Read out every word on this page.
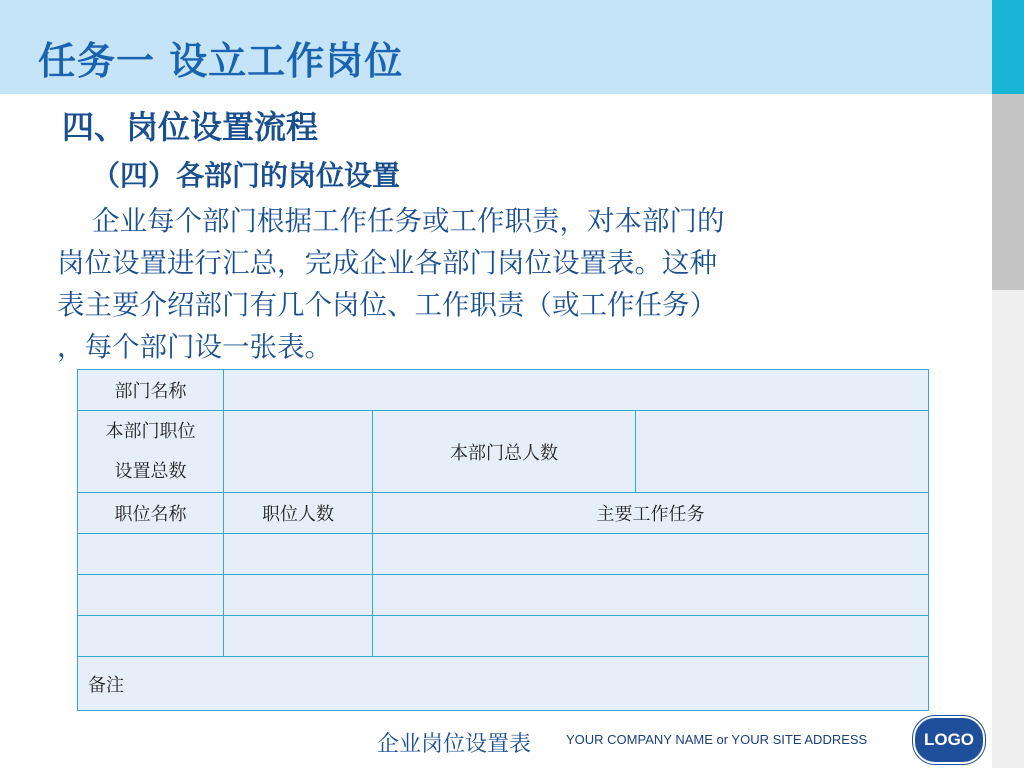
任务一 设立工作岗位
四、岗位设置流程
（四）各部门的岗位设置
企业每个部门根据工作任务或工作职责，对本部门的
岗位设置进行汇总，完成企业各部门岗位设置表。这种
表主要介绍部门有几个岗位、工作职责（或工作任务）
，每个部门设一张表。
部门名称			
本部门职位
设置总数		本部门总人数	
职位名称	职位人数	主要工作任务	

备注			
企业岗位设置表	YOUR COMPANY NAME or YOUR SITE ADDRESS	LOGO
